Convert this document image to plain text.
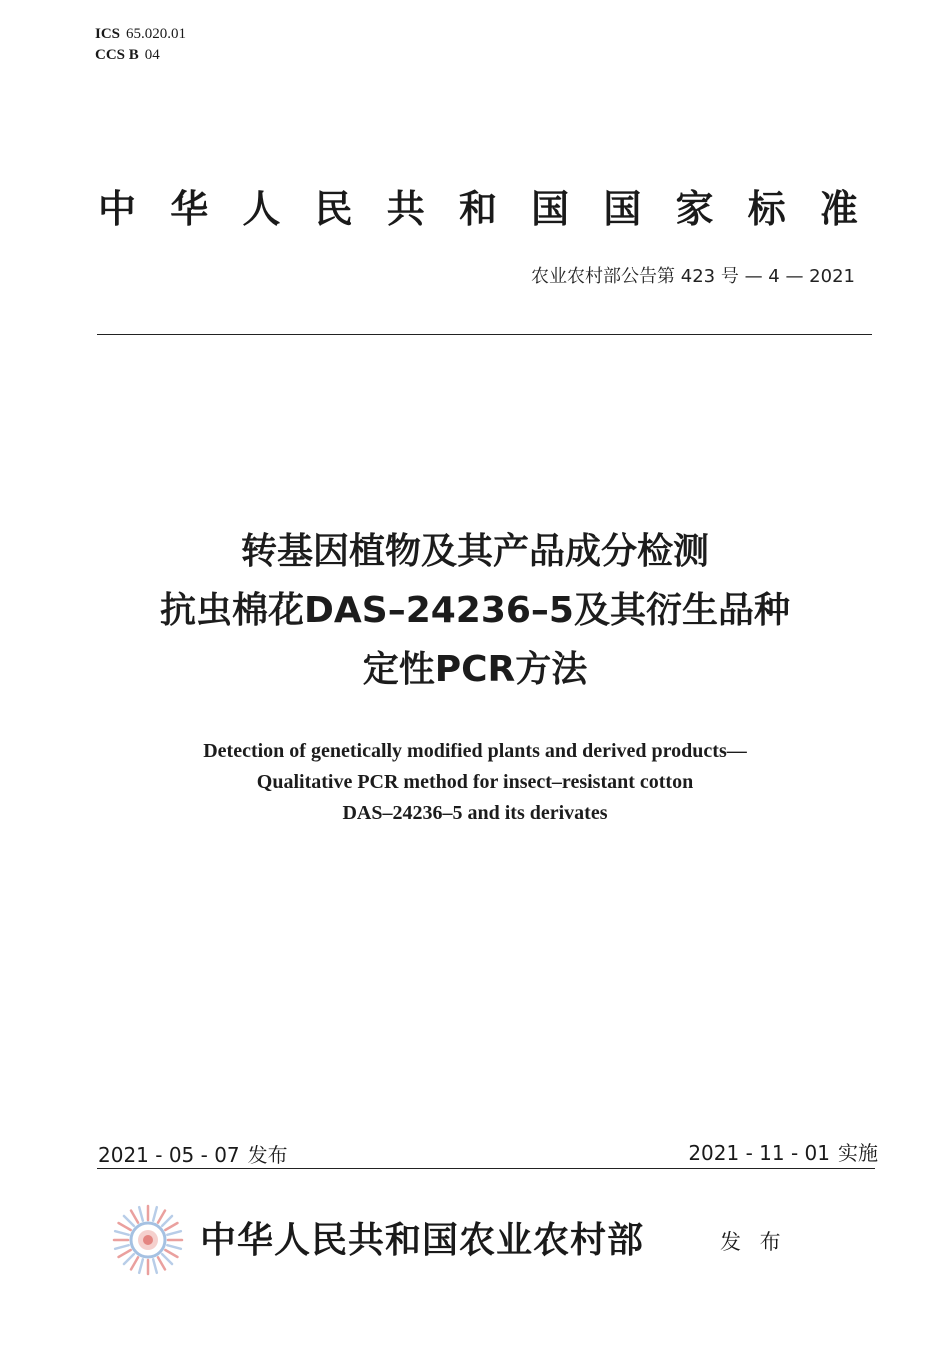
ICS 65.020.01
CCS B 04
中 华 人 民 共 和 国 国 家 标 准
农业农村部公告第 423 号 — 4 — 2021
转基因植物及其产品成分检测
抗虫棉花DAS–24236–5及其衍生品种
定性PCR方法
Detection of genetically modified plants and derived products—
Qualitative PCR method for insect–resistant cotton
DAS–24236–5 and its derivates
2021 - 05 - 07 发布	2021 - 11 - 01 实施
中华人民共和国农业农村部	发 布
